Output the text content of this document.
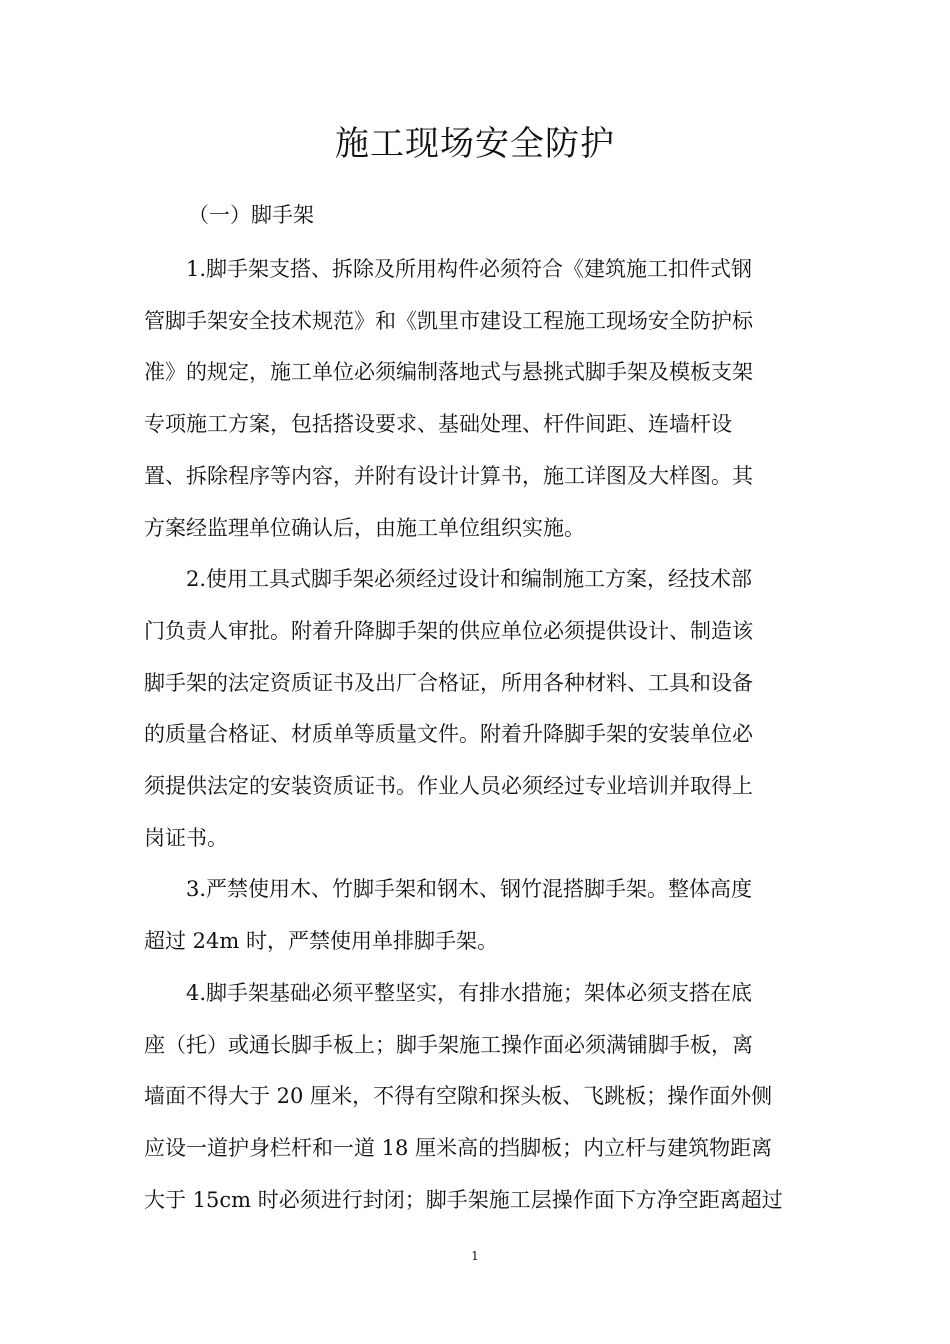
施工现场安全防护
（一）脚手架

1.脚手架支搭、拆除及所用构件必须符合《建筑施工扣件式钢
管脚手架安全技术规范》和《凯里市建设工程施工现场安全防护标
准》的规定，施工单位必须编制落地式与悬挑式脚手架及模板支架
专项施工方案，包括搭设要求、基础处理、杆件间距、连墙杆设
置、拆除程序等内容，并附有设计计算书，施工详图及大样图。其
方案经监理单位确认后，由施工单位组织实施。

2.使用工具式脚手架必须经过设计和编制施工方案，经技术部
门负责人审批。附着升降脚手架的供应单位必须提供设计、制造该
脚手架的法定资质证书及出厂合格证，所用各种材料、工具和设备
的质量合格证、材质单等质量文件。附着升降脚手架的安装单位必
须提供法定的安装资质证书。作业人员必须经过专业培训并取得上
岗证书。

3.严禁使用木、竹脚手架和钢木、钢竹混搭脚手架。整体高度
超过 24m 时，严禁使用单排脚手架。

4.脚手架基础必须平整坚实，有排水措施；架体必须支搭在底
座（托）或通长脚手板上；脚手架施工操作面必须满铺脚手板，离
墙面不得大于 20 厘米，不得有空隙和探头板、飞跳板；操作面外侧
应设一道护身栏杆和一道 18 厘米高的挡脚板；内立杆与建筑物距离
大于 15cm 时必须进行封闭；脚手架施工层操作面下方净空距离超过

1
